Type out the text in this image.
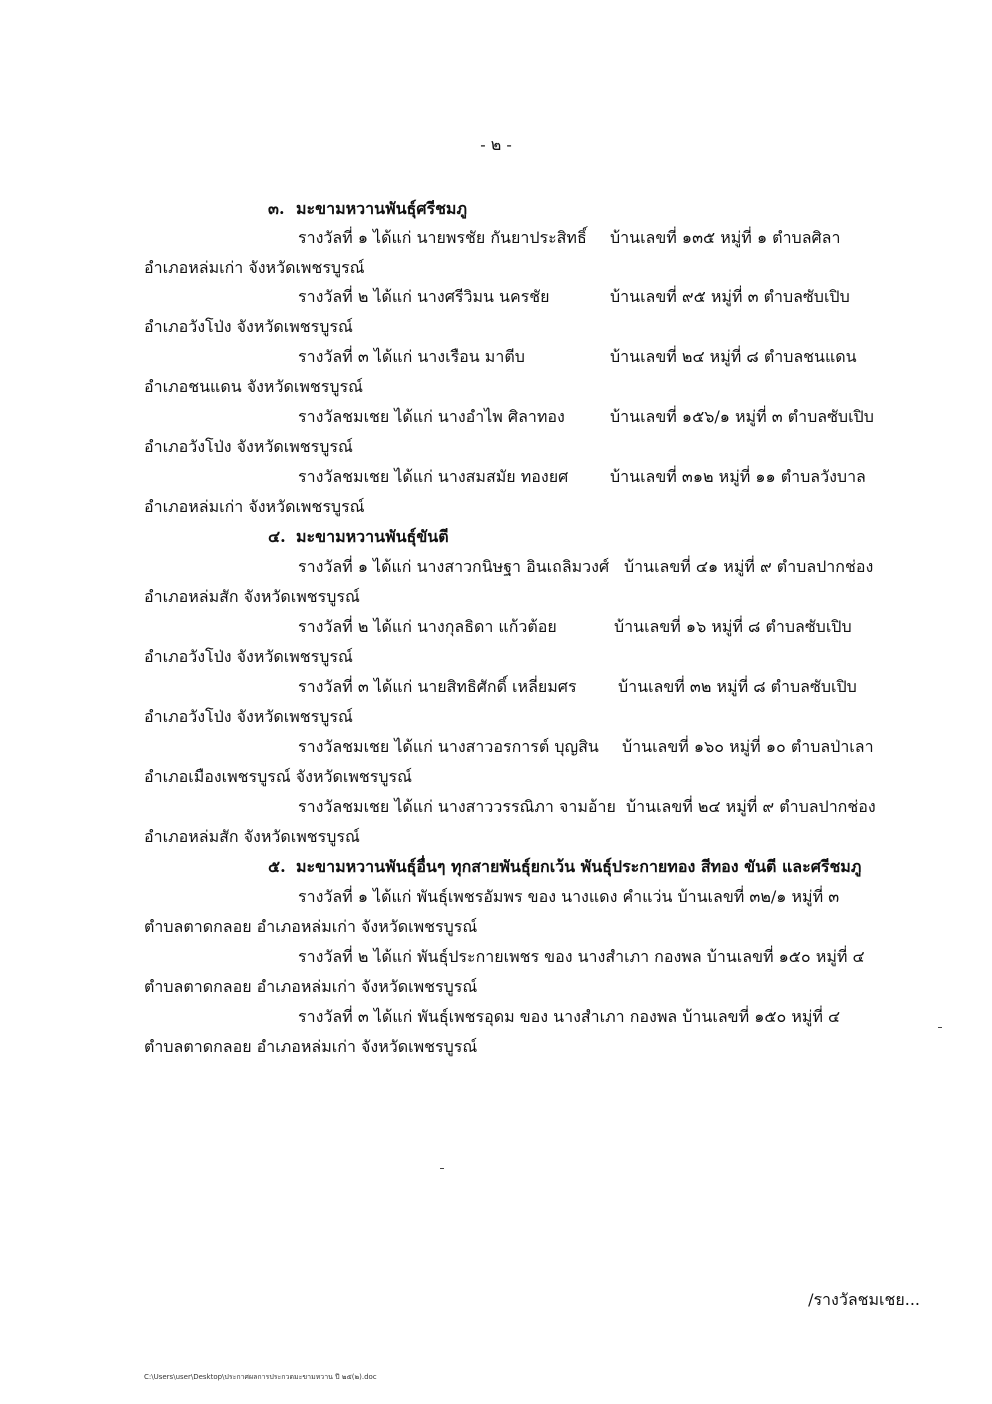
- ๒ -
๓. มะขามหวานพันธุ์ศรีชมภู
รางวัลที่ ๑ ได้แก่ นายพรชัย กันยาประสิทธิ์ บ้านเลขที่ ๑๓๕ หมู่ที่ ๑ ตำบลศิลา
อำเภอหล่มเก่า จังหวัดเพชรบูรณ์
รางวัลที่ ๒ ได้แก่ นางศรีวิมน นครชัย	บ้านเลขที่ ๙๕ หมู่ที่ ๓ ตำบลซับเปิบ
อำเภอวังโป่ง จังหวัดเพชรบูรณ์
รางวัลที่ ๓ ได้แก่ นางเรือน มาตีบ	บ้านเลขที่ ๒๔ หมู่ที่ ๘ ตำบลชนแดน
อำเภอชนแดน จังหวัดเพชรบูรณ์
รางวัลชมเชย ได้แก่ นางอำไพ ศิลาทอง	บ้านเลขที่ ๑๕๖/๑ หมู่ที่ ๓ ตำบลซับเปิบ
อำเภอวังโป่ง จังหวัดเพชรบูรณ์
รางวัลชมเชย ได้แก่ นางสมสมัย ทองยศ	บ้านเลขที่ ๓๑๒ หมู่ที่ ๑๑ ตำบลวังบาล
อำเภอหล่มเก่า จังหวัดเพชรบูรณ์
๔. มะขามหวานพันธุ์ขันตี
รางวัลที่ ๑ ได้แก่ นางสาวกนิษฐา อินเถลิมวงศ์ บ้านเลขที่ ๔๑ หมู่ที่ ๙ ตำบลปากช่อง
อำเภอหล่มสัก จังหวัดเพชรบูรณ์
รางวัลที่ ๒ ได้แก่ นางกุลธิดา แก้วต้อย	บ้านเลขที่ ๑๖ หมู่ที่ ๘ ตำบลซับเปิบ
อำเภอวังโป่ง จังหวัดเพชรบูรณ์
รางวัลที่ ๓ ได้แก่ นายสิทธิศักดิ์ เหลี่ยมศร	บ้านเลขที่ ๓๒ หมู่ที่ ๘ ตำบลซับเปิบ
อำเภอวังโป่ง จังหวัดเพชรบูรณ์
รางวัลชมเชย ได้แก่ นางสาวอรการต์ บุญสิน บ้านเลขที่ ๑๖๐ หมู่ที่ ๑๐ ตำบลป่าเลา
อำเภอเมืองเพชรบูรณ์ จังหวัดเพชรบูรณ์
รางวัลชมเชย ได้แก่ นางสาววรรณิภา จามอ้าย บ้านเลขที่ ๒๔ หมู่ที่ ๙ ตำบลปากช่อง
อำเภอหล่มสัก จังหวัดเพชรบูรณ์
๕. มะขามหวานพันธุ์อื่นๆ ทุกสายพันธุ์ยกเว้น พันธุ์ประกายทอง สีทอง ขันตี และศรีชมภู
รางวัลที่ ๑ ได้แก่ พันธุ์เพชรอัมพร ของ นางแดง คำแว่น บ้านเลขที่ ๓๒/๑ หมู่ที่ ๓
ตำบลตาดกลอย อำเภอหล่มเก่า จังหวัดเพชรบูรณ์
รางวัลที่ ๒ ได้แก่ พันธุ์ประกายเพชร ของ นางสำเภา กองพล บ้านเลขที่ ๑๕๐ หมู่ที่ ๔
ตำบลตาดกลอย อำเภอหล่มเก่า จังหวัดเพชรบูรณ์
รางวัลที่ ๓ ได้แก่ พันธุ์เพชรอุดม ของ นางสำเภา กองพล บ้านเลขที่ ๑๕๐ หมู่ที่ ๔
ตำบลตาดกลอย อำเภอหล่มเก่า จังหวัดเพชรบูรณ์
/รางวัลชมเชย...
C:\Users\user\Desktop\ประกาศผลการประกวดมะขามหวาน ปี ๒๕(๒).doc
